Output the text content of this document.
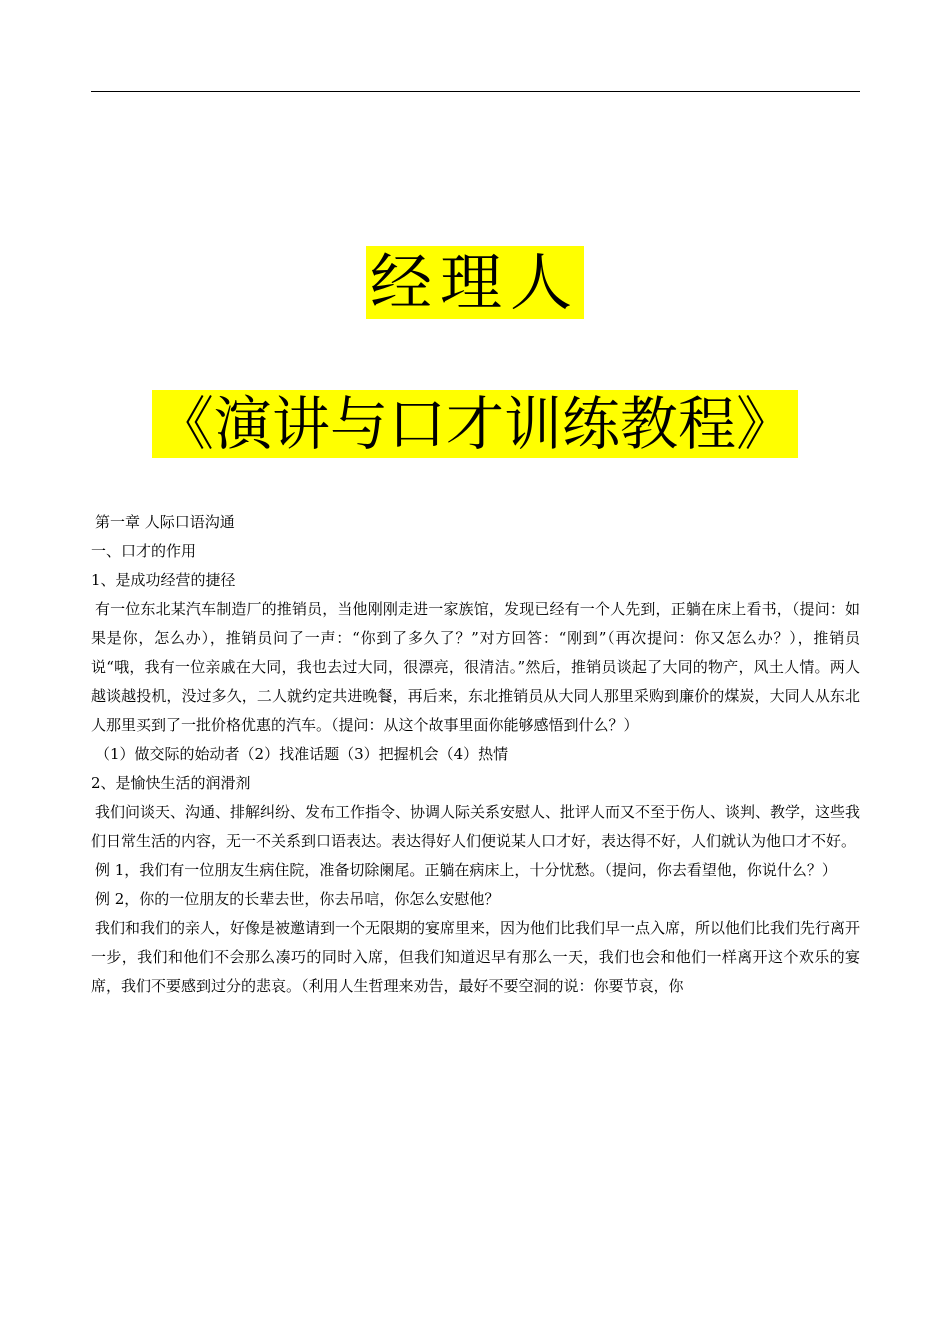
经理人
《演讲与口才训练教程》

第一章 人际口语沟通

一、口才的作用

1、是成功经营的捷径

有一位东北某汽车制造厂的推销员，当他刚刚走进一家族馆，发现已经有一个人先到，正躺在床上看书，（提问：如果是你，怎么办），推销员问了一声：“你到了多久了？”对方回答：“刚到”（再次提问：你又怎么办？），推销员说“哦，我有一位亲戚在大同，我也去过大同，很漂亮，很清洁。”然后，推销员谈起了大同的物产，风土人情。两人越谈越投机，没过多久，二人就约定共进晚餐，再后来，东北推销员从大同人那里采购到廉价的煤炭，大同人从东北人那里买到了一批价格优惠的汽车。（提问：从这个故事里面你能够感悟到什么？）

（1）做交际的始动者（2）找准话题（3）把握机会（4）热情

2、是愉快生活的润滑剂

我们问谈天、沟通、排解纠纷、发布工作指令、协调人际关系安慰人、批评人而又不至于伤人、谈判、教学，这些我们日常生活的内容，无一不关系到口语表达。表达得好人们便说某人口才好，表达得不好，人们就认为他口才不好。

例 1，我们有一位朋友生病住院，准备切除阑尾。正躺在病床上，十分忧愁。（提问，你去看望他，你说什么？）

例 2，你的一位朋友的长辈去世，你去吊唁，你怎么安慰他？

我们和我们的亲人，好像是被邀请到一个无限期的宴席里来，因为他们比我们早一点入席，所以他们比我们先行离开一步，我们和他们不会那么凑巧的同时入席，但我们知道迟早有那么一天，我们也会和他们一样离开这个欢乐的宴席，我们不要感到过分的悲哀。（利用人生哲理来劝告，最好不要空洞的说：你要节哀，你
